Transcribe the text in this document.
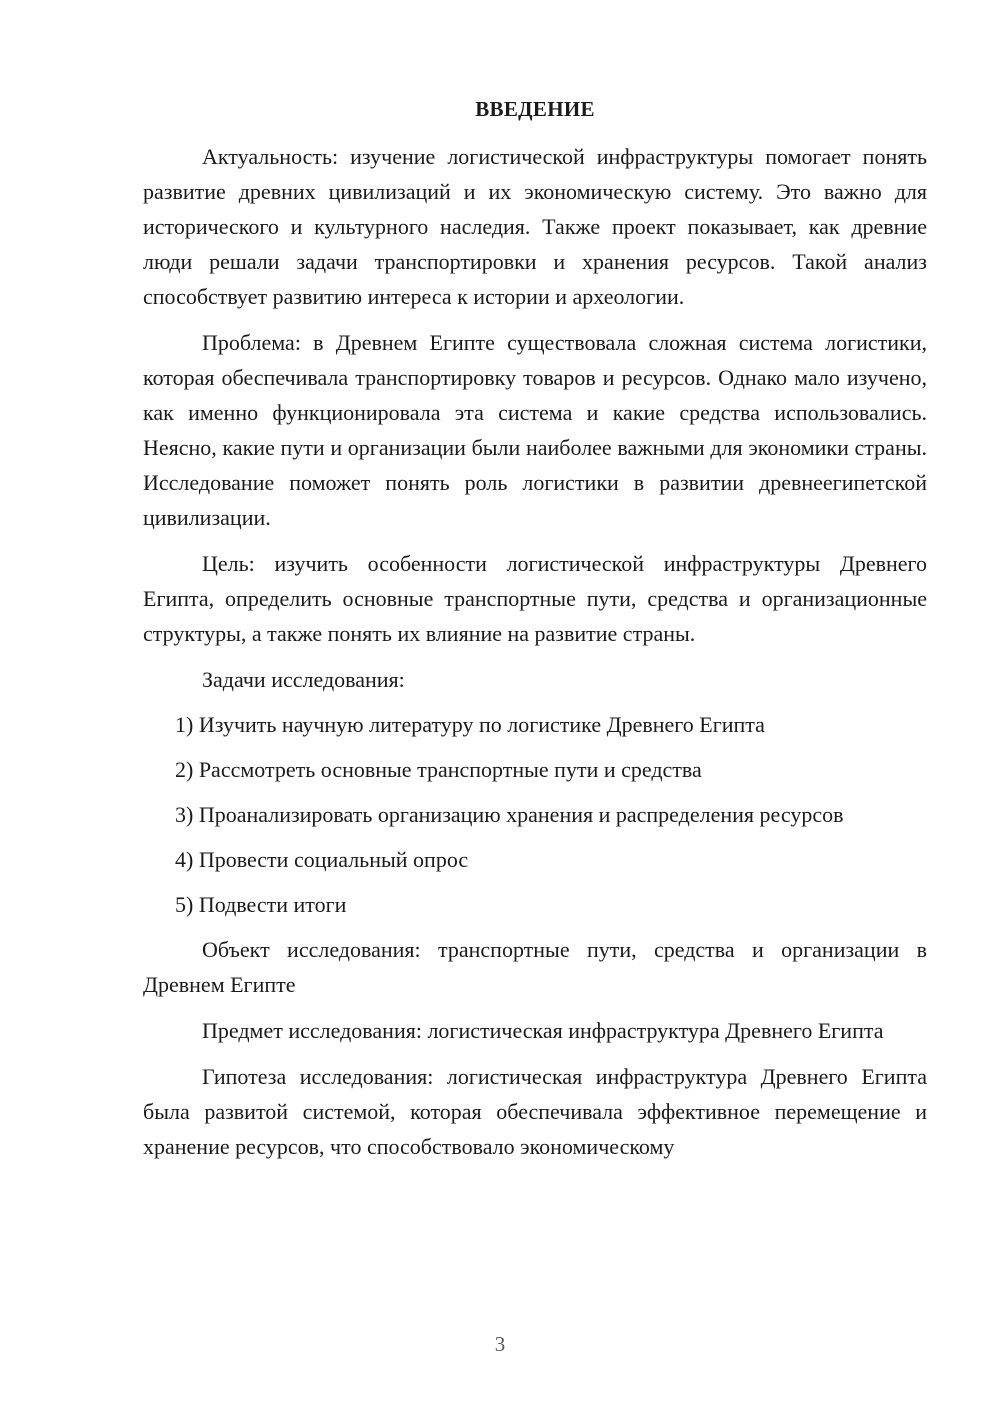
ВВЕДЕНИЕ
Актуальность: изучение логистической инфраструктуры помогает понять развитие древних цивилизаций и их экономическую систему. Это важно для исторического и культурного наследия. Также проект показывает, как древние люди решали задачи транспортировки и хранения ресурсов. Такой анализ способствует развитию интереса к истории и археологии.
Проблема: в Древнем Египте существовала сложная система логистики, которая обеспечивала транспортировку товаров и ресурсов. Однако мало изучено, как именно функционировала эта система и какие средства использовались. Неясно, какие пути и организации были наиболее важными для экономики страны. Исследование поможет понять роль логистики в развитии древнеегипетской цивилизации.
Цель: изучить особенности логистической инфраструктуры Древнего Египта, определить основные транспортные пути, средства и организационные структуры, а также понять их влияние на развитие страны.
Задачи исследования:
1) Изучить научную литературу по логистике Древнего Египта
2) Рассмотреть основные транспортные пути и средства
3) Проанализировать организацию хранения и распределения ресурсов
4) Провести социальный опрос
5) Подвести итоги
Объект исследования: транспортные пути, средства и организации в Древнем Египте
Предмет исследования: логистическая инфраструктура Древнего Египта
Гипотеза исследования: логистическая инфраструктура Древнего Египта была развитой системой, которая обеспечивала эффективное перемещение и хранение ресурсов, что способствовало экономическому
3
